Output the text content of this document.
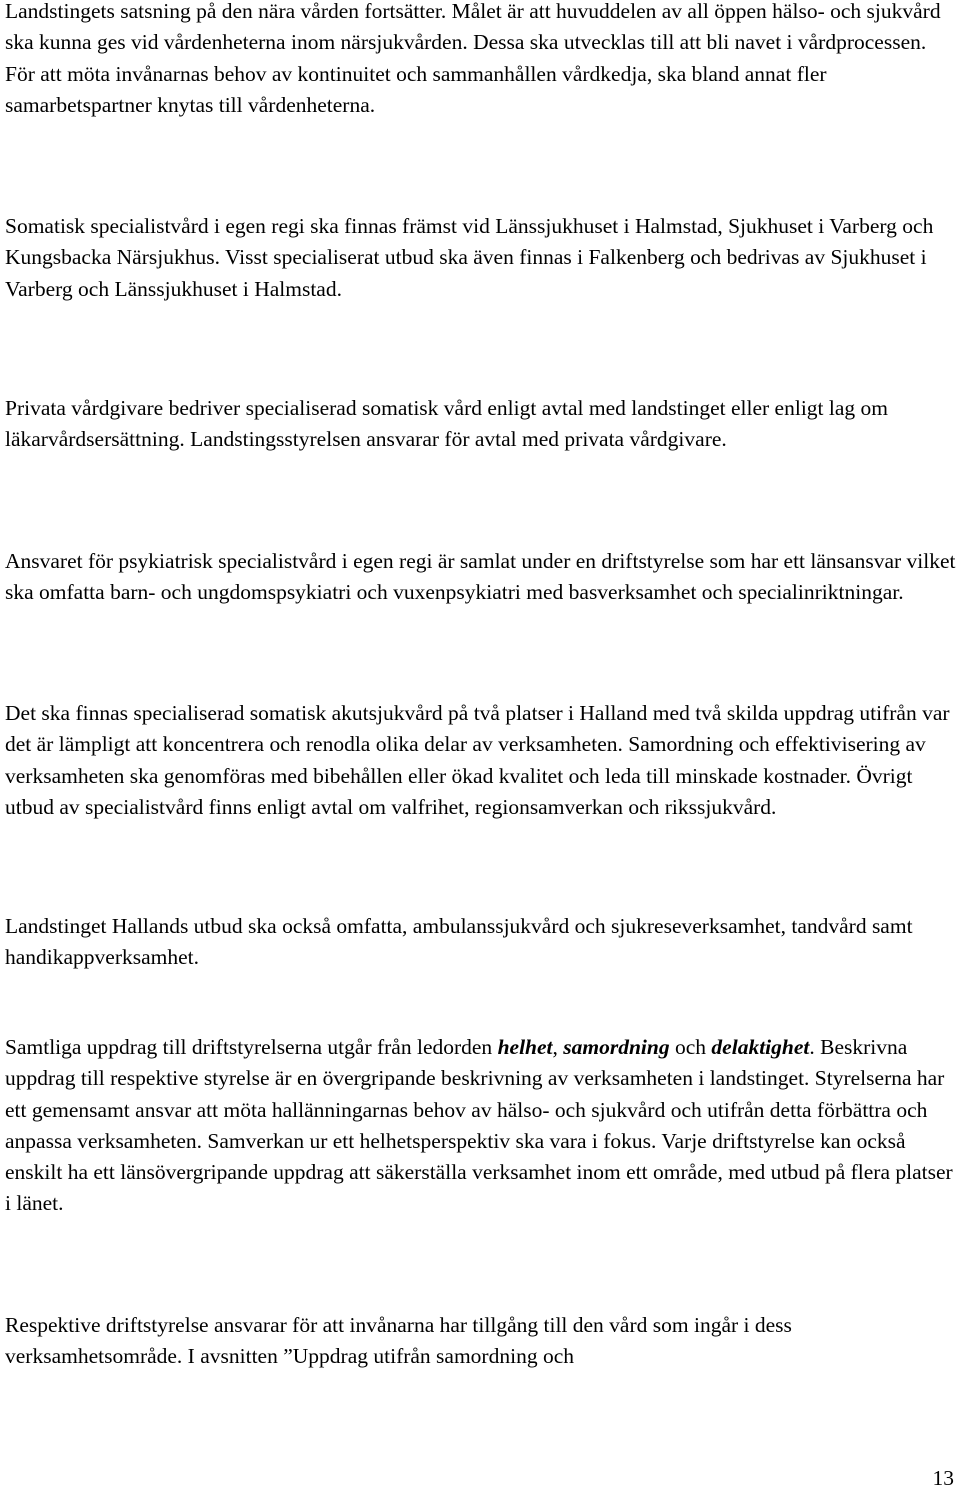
Landstingets satsning på den nära vården fortsätter. Målet är att huvuddelen av all öppen hälso- och sjukvård ska kunna ges vid vårdenheterna inom närsjukvården. Dessa ska utvecklas till att bli navet i vårdprocessen. För att möta invånarnas behov av kontinuitet och sammanhållen vårdkedja, ska bland annat fler samarbetspartner knytas till vårdenheterna.

Somatisk specialistvård i egen regi ska finnas främst vid Länssjukhuset i Halmstad, Sjukhuset i Varberg och Kungsbacka Närsjukhus. Visst specialiserat utbud ska även finnas i Falkenberg och bedrivas av Sjukhuset i Varberg och Länssjukhuset i Halmstad.

Privata vårdgivare bedriver specialiserad somatisk vård enligt avtal med landstinget eller enligt lag om läkarvårdsersättning. Landstingsstyrelsen ansvarar för avtal med privata vårdgivare.

Ansvaret för psykiatrisk specialistvård i egen regi är samlat under en driftstyrelse som har ett länsansvar vilket ska omfatta barn- och ungdomspsykiatri och vuxenpsykiatri med basverksamhet och specialinriktningar.

Det ska finnas specialiserad somatisk akutsjukvård på två platser i Halland med två skilda uppdrag utifrån var det är lämpligt att koncentrera och renodla olika delar av verksamheten. Samordning och effektivisering av verksamheten ska genomföras med bibehållen eller ökad kvalitet och leda till minskade kostnader. Övrigt utbud av specialistvård finns enligt avtal om valfrihet, regionsamverkan och rikssjukvård.

Landstinget Hallands utbud ska också omfatta, ambulanssjukvård och sjukreseverksamhet, tandvård samt handikappverksamhet.

Samtliga uppdrag till driftstyrelserna utgår från ledorden helhet, samordning och delaktighet. Beskrivna uppdrag till respektive styrelse är en övergripande beskrivning av verksamheten i landstinget. Styrelserna har ett gemensamt ansvar att möta hallänningarnas behov av hälso- och sjukvård och utifrån detta förbättra och anpassa verksamheten. Samverkan ur ett helhetsperspektiv ska vara i fokus. Varje driftstyrelse kan också enskilt ha ett länsövergripande uppdrag att säkerställa verksamhet inom ett område, med utbud på flera platser i länet.

Respektive driftstyrelse ansvarar för att invånarna har tillgång till den vård som ingår i dess verksamhetsområde. I avsnitten ”Uppdrag utifrån samordning och

13
